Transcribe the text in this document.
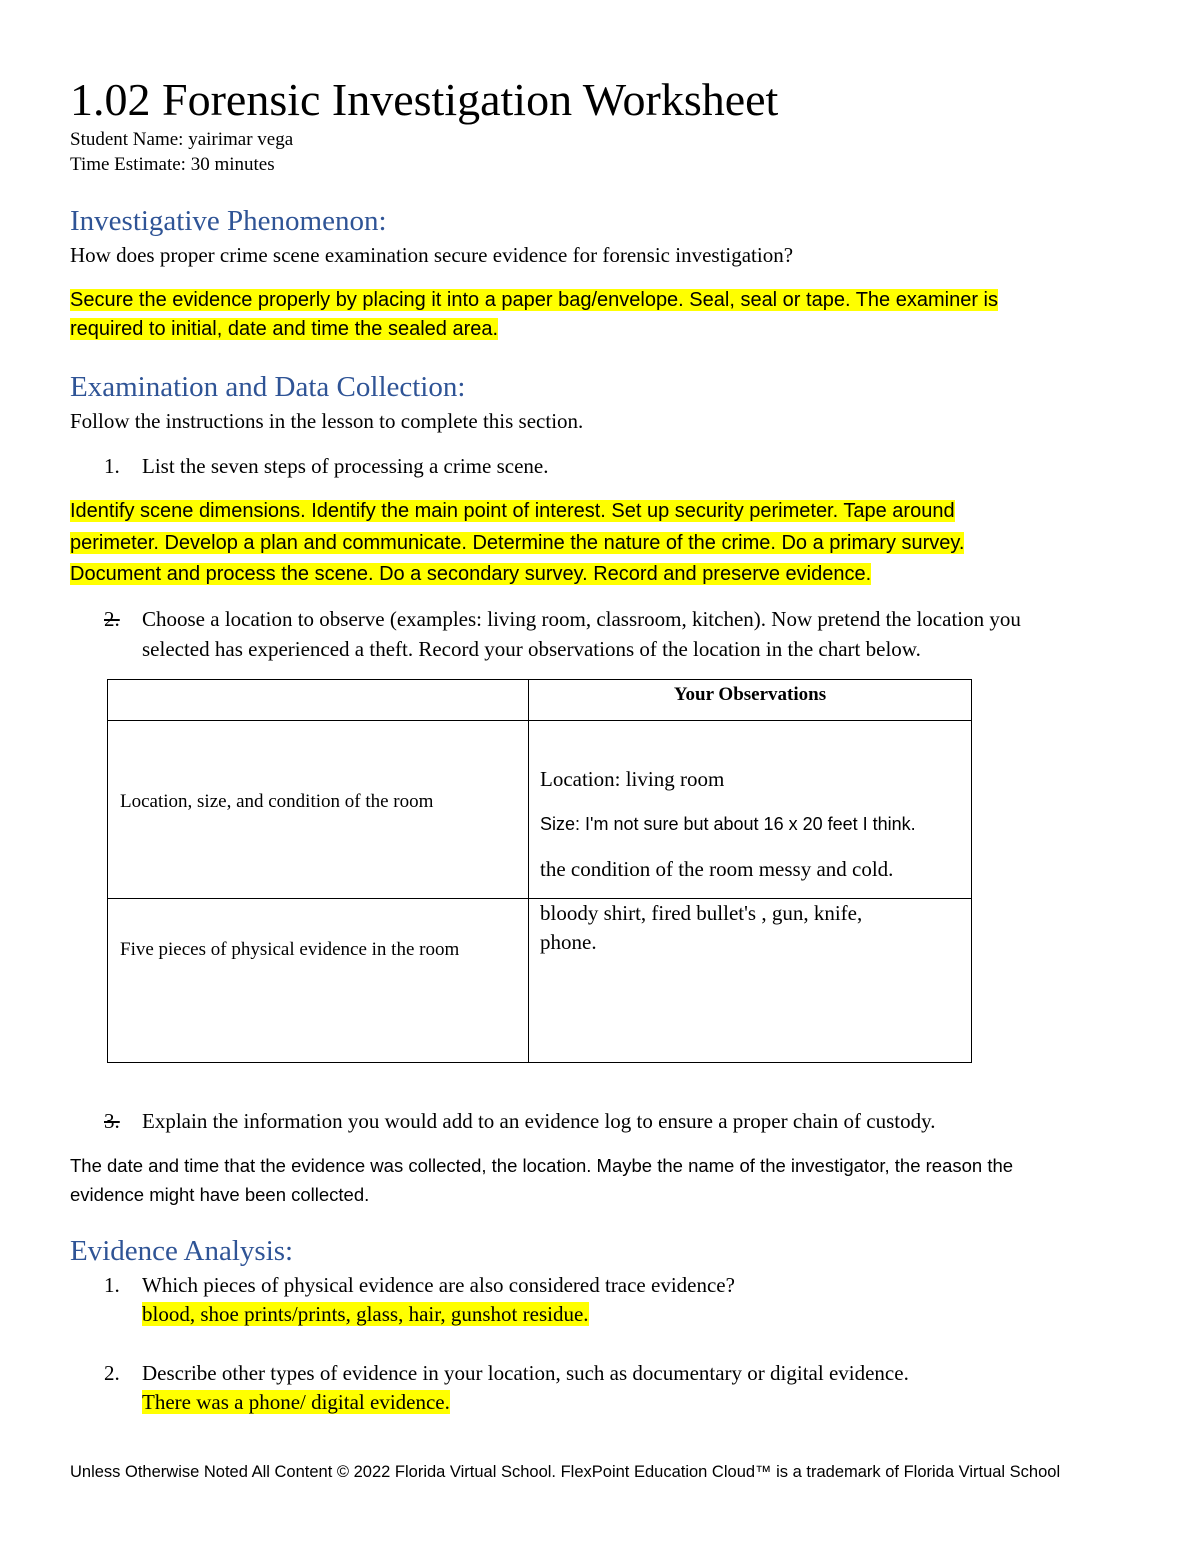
1.02 Forensic Investigation Worksheet
Student Name: yairimar vega
Time Estimate: 30 minutes
Investigative Phenomenon:
How does proper crime scene examination secure evidence for forensic investigation?
Secure the evidence properly by placing it into a paper bag/envelope. Seal, seal or tape. The examiner is
required to initial, date and time the sealed area.
Examination and Data Collection:
Follow the instructions in the lesson to complete this section.
1. List the seven steps of processing a crime scene.
Identify scene dimensions. Identify the main point of interest. Set up security perimeter. Tape around
perimeter. Develop a plan and communicate. Determine the nature of the crime. Do a primary survey.
Document and process the scene. Do a secondary survey. Record and preserve evidence.
2.	Choose a location to observe (examples: living room, classroom, kitchen). Now pretend the location you
selected has experienced a theft. Record your observations of the location in the chart below.
	Your Observations

Location, size, and condition of the room	Location: living room
Size: I'm not sure but about 16 x 20 feet I think.
the condition of the room messy and cold.

Five pieces of physical evidence in the room	bloody shirt, fired bullet's , gun, knife,
phone.
3.	Explain the information you would add to an evidence log to ensure a proper chain of custody.
The date and time that the evidence was collected, the location. Maybe the name of the investigator, the reason the
evidence might have been collected.
Evidence Analysis:
1. Which pieces of physical evidence are also considered trace evidence?
blood, shoe prints/prints, glass, hair, gunshot residue.
2. Describe other types of evidence in your location, such as documentary or digital evidence.
There was a phone/ digital evidence.
Unless Otherwise Noted All Content © 2022 Florida Virtual School. FlexPoint Education Cloud™ is a trademark of Florida Virtual School
